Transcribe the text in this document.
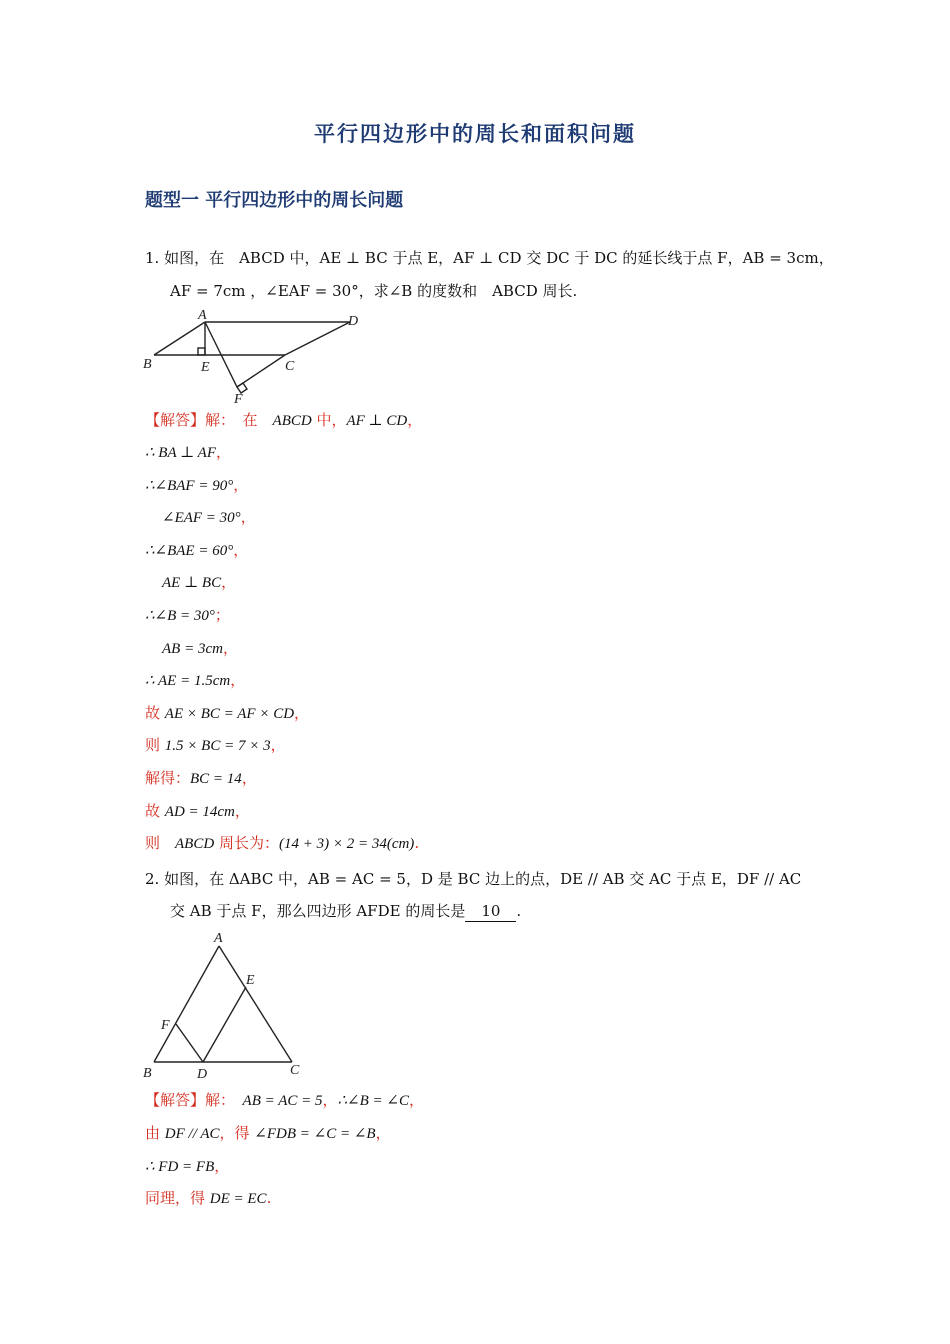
平行四边形中的周长和面积问题
题型一 平行四边形中的周长问题
1. 如图，在　ABCD 中，AE ⊥ BC 于点 E，AF ⊥ CD 交 DC 于 DC 的延长线于点 F，AB = 3cm，
AF = 7cm ，∠EAF = 30°，求∠B 的度数和　ABCD 周长.
A	D
B	E	C
F
【解答】解：　在　ABCD 中，AF ⊥ CD，
∴ BA ⊥ AF，
∴∠BAF = 90°，
∠EAF = 30°，
∴∠BAE = 60°，
AE ⊥ BC，
∴∠B = 30°；
AB = 3cm，
∴ AE = 1.5cm，
故 AE × BC = AF × CD，
则 1.5 × BC = 7 × 3，
解得：BC = 14，
故 AD = 14cm，
则　ABCD 周长为：(14 + 3) × 2 = 34(cm).
2. 如图，在 ΔABC 中，AB = AC = 5，D 是 BC 边上的点，DE // AB 交 AC 于点 E，DF // AC
交 AB 于点 F，那么四边形 AFDE 的周长是 10 .
A
E
F
B	D	C
【解答】解：　AB = AC = 5，∴∠B = ∠C，
由 DF // AC，得 ∠FDB = ∠C = ∠B，
∴ FD = FB，
同理，得 DE = EC.
